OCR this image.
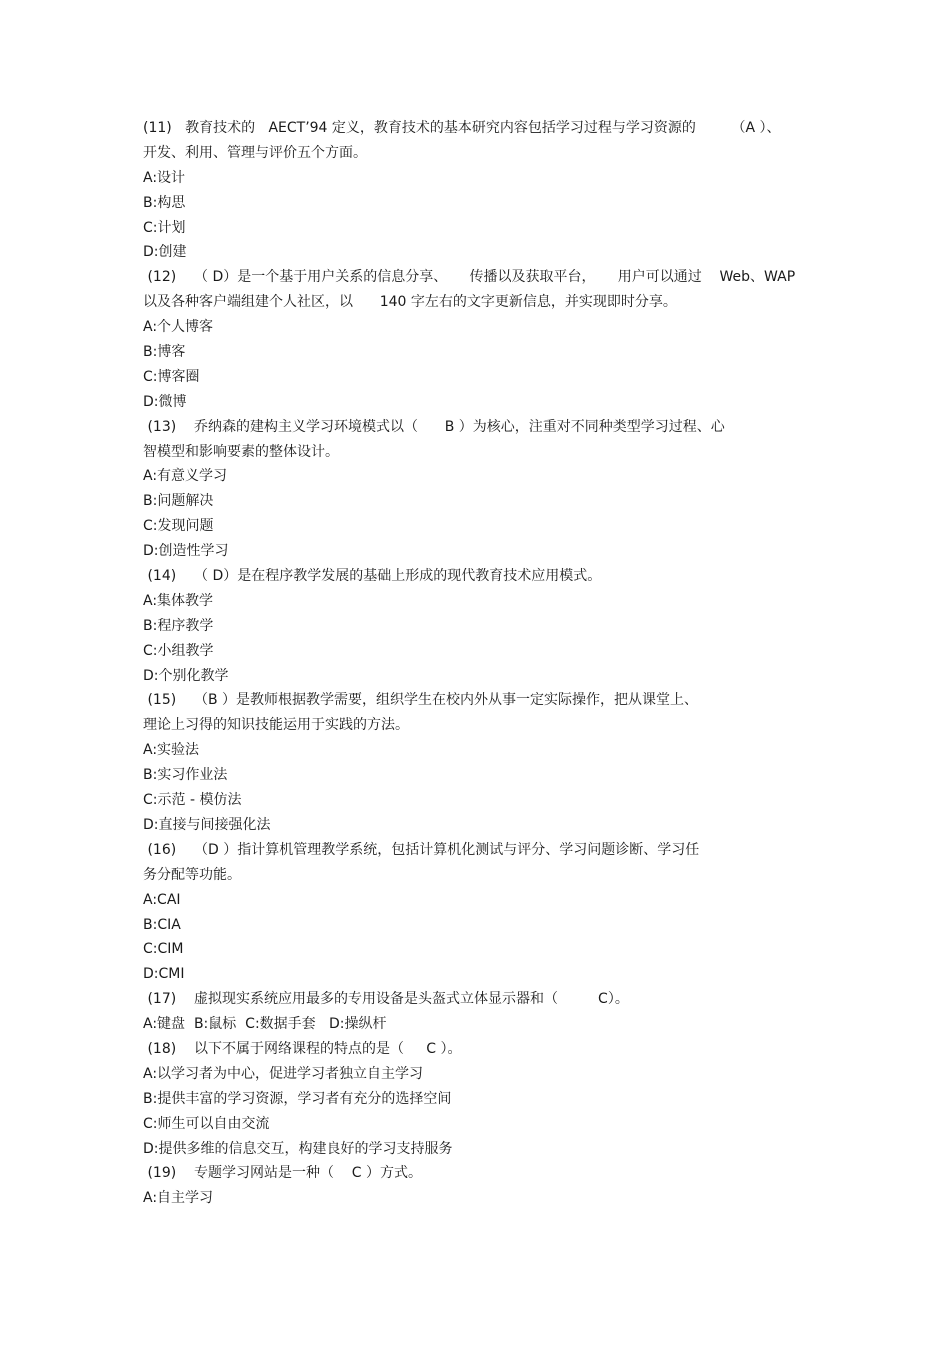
(11)   教育技术的   AECT’94 定义，教育技术的基本研究内容包括学习过程与学习资源的        （A ）、
开发、利用、管理与评价五个方面。
A:设计
B:构思
C:计划
D:创建
(12)    （ D）是一个基于用户关系的信息分享、     传播以及获取平台，     用户可以通过    Web、WAP
以及各种客户端组建个人社区，以      140 字左右的文字更新信息，并实现即时分享。
A:个人博客
B:博客
C:博客圈
D:微博
(13)    乔纳森的建构主义学习环境模式以（      B ）为核心，注重对不同种类型学习过程、心
智模型和影响要素的整体设计。
A:有意义学习
B:问题解决
C:发现问题
D:创造性学习
(14)    （ D）是在程序教学发展的基础上形成的现代教育技术应用模式。
A:集体教学
B:程序教学
C:小组教学
D:个别化教学
(15)    （B ）是教师根据教学需要，组织学生在校内外从事一定实际操作，把从课堂上、
理论上习得的知识技能运用于实践的方法。
A:实验法
B:实习作业法
C:示范 - 模仿法
D:直接与间接强化法
(16)    （D ）指计算机管理教学系统，包括计算机化测试与评分、学习问题诊断、学习任
务分配等功能。
A:CAI
B:CIA
C:CIM
D:CMI
(17)    虚拟现实系统应用最多的专用设备是头盔式立体显示器和（         C）。
A:键盘  B:鼠标  C:数据手套   D:操纵杆
(18)    以下不属于网络课程的特点的是（     C ）。
A:以学习者为中心，促进学习者独立自主学习
B:提供丰富的学习资源，学习者有充分的选择空间
C:师生可以自由交流
D:提供多维的信息交互，构建良好的学习支持服务
(19)    专题学习网站是一种（    C ）方式。
A:自主学习
